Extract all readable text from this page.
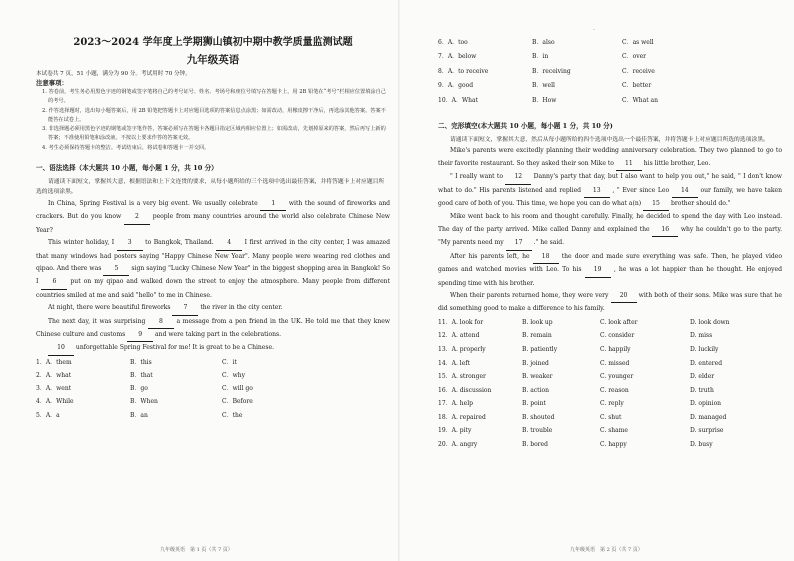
2023～2024 学年度上学期狮山镇初中期中教学质量监测试题

九年级英语

本试卷共 7 页，51 小题，满分为 90 分。考试用时 70 分钟。

注意事项：

1. 答卷前，考生务必用黑色字迹的钢笔或签字笔将自己的考号证号、姓名、考场号和座位号填写在答题卡上，用 2B 铅笔在“考号”栏相应位置填涂自己的考号。

2. 作答选择题时，选出每小题答案后，用 2B 铅笔把答题卡上对应题目选项的答案信息点涂黑；如需改动，用橡皮擦干净后，再选涂其他答案。答案不能答在试卷上。

3. 非选择题必须用黑色字迹的钢笔或签字笔作答，答案必须写在答题卡各题目指定区域内相应位置上；如需改动，先划掉原来的答案，然后再写上新的答案；不准使用铅笔和涂改液。不按以上要求作答的答案无效。

4. 考生必须保持答题卡的整洁。考试结束后，将试卷和答题卡一并交回。

一、语法选择（本大题共 10 小题，每小题 1 分，共 10 分）

请通读下面短文，掌握其大意，根据语法和上下文连贯的要求，从每小题所给的三个选项中选出最佳答案，并将答题卡上对应题目所选的选项涂黑。

In China, Spring Festival is a very big event. We usually celebrate 1 with the sound of fireworks and crackers. But do you know 2 people from many countries around the world also celebrate Chinese New Year?

This winter holiday, I 3 to Bangkok, Thailand. 4 I first arrived in the city center, I was amazed that many windows had posters saying "Happy Chinese New Year". Many people were wearing red clothes and qipao. And there was 5 sign saying "Lucky Chinese New Year" in the biggest shopping area in Bangkok! So I 6 put on my qipao and walked down the street to enjoy the atmosphere. Many people from different countries smiled at me and said "hello" to me in Chinese.

At night, there were beautiful fireworks 7 the river in the city center.

The next day, it was surprising 8 a message from a pen friend in the UK. He told me that they knew Chinese culture and customs 9 and were taking part in the celebrations.

10 unforgettable Spring Festival for me! It is great to be a Chinese.

1．A．them	B．this	C．it
2．A．what	B．that	C．why
3．A．went	B．go	C．will go
4．A．While	B．When	C．Before
5．A．a	B．an	C．the
九年级英语　第 1 页（共 7 页）
·
6．A．too	B．also	C．as well
7．A．below	B．in	C．over
8．A．to receive	B．receiving	C．receive
9．A．good	B．well	C．better
10．A．What	B．How	C．What an

二、完形填空(本大题共 10 小题，每小题 1 分，共 10 分)

请通读下面短文，掌握其大意，然后从每小题所给的四个选项中选出一个最佳答案，并将答题卡上对应题目所选的选项涂黑。

Mike's parents were excitedly planning their wedding anniversary celebration. They two planned to go to their favorite restaurant. So they asked their son Mike to 11 his little brother, Leo.

" I really want to 12 Danny's party that day, but I also want to help you out," he said, " I don't know what to do." His parents listened and replied 13 , " Ever since Leo 14 our family, we have taken good care of both of you. This time, we hope you can do what a(n) 15 brother should do."

Mike went back to his room and thought carefully. Finally, he decided to spend the day with Leo instead. The day of the party arrived. Mike called Danny and explained the 16 why he couldn't go to the party. "My parents need my 17 ." he said.

After his parents left, he 18 the door and made sure everything was safe. Then, he played video games and watched movies with Leo. To his 19 , he was a lot happier than he thought. He enjoyed spending time with his brother.

When their parents returned home, they were very 20 with both of their sons. Mike was sure that he did something good to make a difference to his family.

11．A. look for	B. look up	C. look after	D. look down
12．A. attend	B. remain	C. consider	D. miss
13．A. properly	B. patiently	C. happily	D. luckily
14．A. left	B. joined	C. missed	D. entered
15．A. stronger	B. weaker	C. younger	D. elder
16．A. discussion	B. action	C. reason	D. truth
17．A. help	B. point	C. reply	D. opinion
18．A. repaired	B. shouted	C. shut	D. managed
19．A. pity	B. trouble	C. shame	D. surprise
20．A. angry	B. bored	C. happy	D. busy
九年级英语　第 2 页（共 7 页）
